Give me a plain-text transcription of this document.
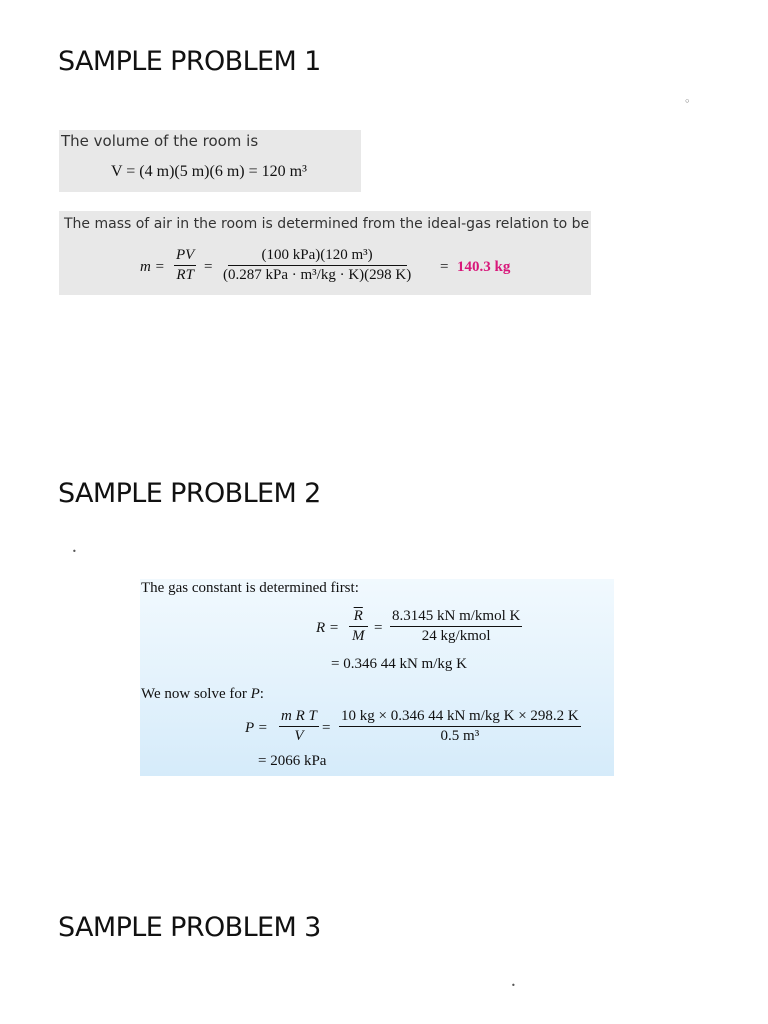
SAMPLE PROBLEM 1
◦
The volume of the room is
V = (4 m)(5 m)(6 m) = 120 m³
The mass of air in the room is determined from the ideal-gas relation to be
$m = \frac{PV}{RT}$ =
(100 kPa)(120 m³)
(0.287 kPa · m³/kg · K)(298 K) = 140.3 kg
SAMPLE PROBLEM 2
•
The gas constant is determined first:
$R = \frac{\overline{R}}{M}$ =
8.3145 kN m/kmol K
24 kg/kmol
= 0.346 44 kN m/kg K
We now solve for P:
$P = \frac{\text{m R T}}{V} = \frac{\text{10 kg × 0.346 44 kN m/kg K × 298.2 K}}{\text{0.5 m³}}$
= 2066 kPa
SAMPLE PROBLEM 3
•
